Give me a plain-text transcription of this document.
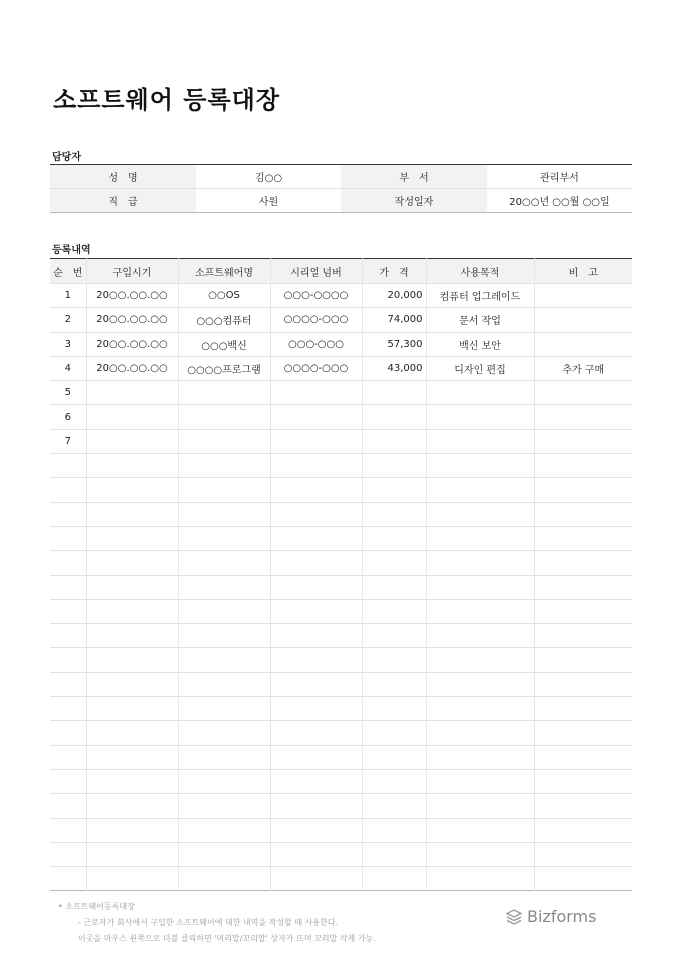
소프트웨어 등록대장
담당자
성　명	김○○	부　서	관리부서
직　급	사원	작성일자	20○○년 ○○월 ○○일
등록내역
순　번	구입시기	소프트웨어명	시리얼 넘버	가　격	사용목적	비　고
1	20○○.○○.○○	○○OS	○○○-○○○○	20,000	컴퓨터 업그레이드	
2	20○○.○○.○○	○○○컴퓨터	○○○○-○○○	74,000	문서 작업	
3	20○○.○○.○○	○○○백신	○○○-○○○	57,300	백신 보안	
4	20○○.○○.○○	○○○○프로그램	○○○○-○○○	43,000	디자인 편집	추가 구매
5						
6						
7						

• 소프트웨어등록대장
- 근로자가 회사에서 구입한 소프트웨어에 대한 내역을 작성할 때 사용한다.
이곳을 마우스 왼쪽으로 더블 클릭하면 '머리말/꼬리말' 상자가 뜨며 꼬리말 삭제 가능.
Bizforms
